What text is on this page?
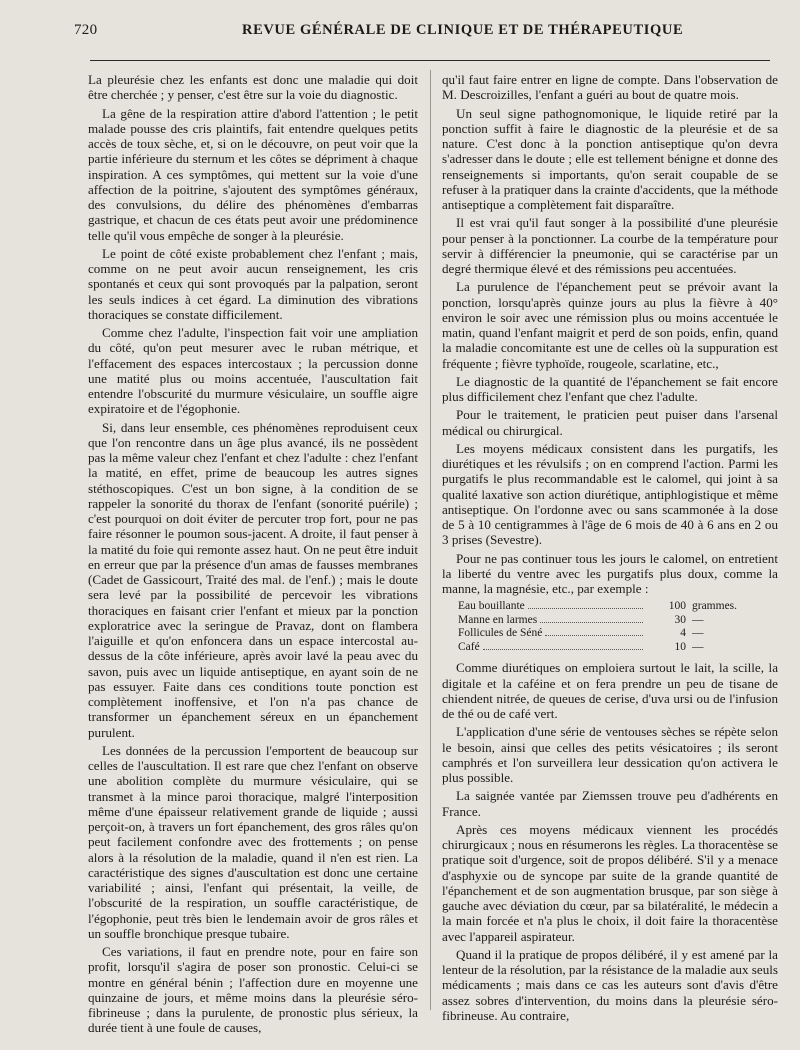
720	REVUE GÉNÉRALE DE CLINIQUE ET DE THÉRAPEUTIQUE

La pleurésie chez les enfants est donc une maladie qui doit être cherchée ; y penser, c'est être sur la voie du diagnostic.

La gêne de la respiration attire d'abord l'attention ; le petit malade pousse des cris plaintifs, fait entendre quelques petits accès de toux sèche, et, si on le découvre, on peut voir que la partie inférieure du sternum et les côtes se dépriment à chaque inspiration. A ces symptômes, qui mettent sur la voie d'une affection de la poitrine, s'ajoutent des symptômes généraux, des convulsions, du délire des phénomènes d'embarras gastrique, et chacun de ces états peut avoir une prédominence telle qu'il vous empêche de songer à la pleurésie.

Le point de côté existe probablement chez l'enfant ; mais, comme on ne peut avoir aucun renseignement, les cris spontanés et ceux qui sont provoqués par la palpation, seront les seuls indices à cet égard. La diminution des vibrations thoraciques se constate difficilement.

Comme chez l'adulte, l'inspection fait voir une ampliation du côté, qu'on peut mesurer avec le ruban métrique, et l'effacement des espaces intercostaux ; la percussion donne une matité plus ou moins accentuée, l'auscultation fait entendre l'obscurité du murmure vésiculaire, un souffle aigre expiratoire et de l'égophonie.

Si, dans leur ensemble, ces phénomènes reproduisent ceux que l'on rencontre dans un âge plus avancé, ils ne possèdent pas la même valeur chez l'enfant et chez l'adulte : chez l'enfant la matité, en effet, prime de beaucoup les autres signes stéthoscopiques. C'est un bon signe, à la condition de se rappeler la sonorité du thorax de l'enfant (sonorité puérile) ; c'est pourquoi on doit éviter de percuter trop fort, pour ne pas faire résonner le poumon sous-jacent. A droite, il faut penser à la matité du foie qui remonte assez haut. On ne peut être induit en erreur que par la présence d'un amas de fausses membranes (Cadet de Gassicourt, Traité des mal. de l'enf.) ; mais le doute sera levé par la possibilité de percevoir les vibrations thoraciques en faisant crier l'enfant et mieux par la ponction exploratrice avec la seringue de Pravaz, dont on flambera l'aiguille et qu'on enfoncera dans un espace intercostal au-dessus de la côte inférieure, après avoir lavé la peau avec du savon, puis avec un liquide antiseptique, en ayant soin de ne pas essuyer. Faite dans ces conditions toute ponction est complètement inoffensive, et l'on n'a pas chance de transformer un épanchement séreux en un épanchement purulent.

Les données de la percussion l'emportent de beaucoup sur celles de l'auscultation. Il est rare que chez l'enfant on observe une abolition complète du murmure vésiculaire, qui se transmet à la mince paroi thoracique, malgré l'interposition même d'une épaisseur relativement grande de liquide ; aussi perçoit-on, à travers un fort épanchement, des gros râles qu'on peut facilement confondre avec des frottements ; on pense alors à la résolution de la maladie, quand il n'en est rien. La caractéristique des signes d'auscultation est donc une certaine variabilité ; ainsi, l'enfant qui présentait, la veille, de l'obscurité de la respiration, un souffle caractéristique, de l'égophonie, peut très bien le lendemain avoir de gros râles et un souffle bronchique presque tubaire.

Ces variations, il faut en prendre note, pour en faire son profit, lorsqu'il s'agira de poser son pronostic. Celui-ci se montre en général bénin ; l'affection dure en moyenne une quinzaine de jours, et même moins dans la pleurésie séro-fibrineuse ; dans la purulente, de pronostic plus sérieux, la durée tient à une foule de causes,

qu'il faut faire entrer en ligne de compte. Dans l'observation de M. Descroizilles, l'enfant a guéri au bout de quatre mois.

Un seul signe pathognomonique, le liquide retiré par la ponction suffit à faire le diagnostic de la pleurésie et de sa nature. C'est donc à la ponction antiseptique qu'on devra s'adresser dans le doute ; elle est tellement bénigne et donne des renseignements si importants, qu'on serait coupable de se refuser à la pratiquer dans la crainte d'accidents, que la méthode antiseptique a complètement fait disparaître.

Il est vrai qu'il faut songer à la possibilité d'une pleurésie pour penser à la ponctionner. La courbe de la température pour servir à différencier la pneumonie, qui se caractérise par un degré thermique élevé et des rémissions peu accentuées.

La purulence de l'épanchement peut se prévoir avant la ponction, lorsqu'après quinze jours au plus la fièvre à 40° environ le soir avec une rémission plus ou moins accentuée le matin, quand l'enfant maigrit et perd de son poids, enfin, quand la maladie concomitante est une de celles où la suppuration est fréquente ; fièvre typhoïde, rougeole, scarlatine, etc.,

Le diagnostic de la quantité de l'épanchement se fait encore plus difficilement chez l'enfant que chez l'adulte.

Pour le traitement, le praticien peut puiser dans l'arsenal médical ou chirurgical.

Les moyens médicaux consistent dans les purgatifs, les diurétiques et les révulsifs ; on en comprend l'action. Parmi les purgatifs le plus recommandable est le calomel, qui joint à sa qualité laxative son action diurétique, antiphlogistique et même antiseptique. On l'ordonne avec ou sans scammonée à la dose de 5 à 10 centigrammes à l'âge de 6 mois de 40 à 6 ans en 2 ou 3 prises (Sevestre).

Pour ne pas continuer tous les jours le calomel, on entretient la liberté du ventre avec les purgatifs plus doux, comme la manne, la magnésie, etc., par exemple :

Eau bouillante	100 grammes.
Manne en larmes	30 —
Follicules de Séné	4 —
Café	10 —

Comme diurétiques on emploiera surtout le lait, la scille, la digitale et la caféine et on fera prendre un peu de tisane de chiendent nitrée, de queues de cerise, d'uva ursi ou de l'infusion de thé ou de café vert.

L'application d'une série de ventouses sèches se répète selon le besoin, ainsi que celles des petits vésicatoires ; ils seront camphrés et l'on surveillera leur dessication qu'on activera le plus possible.

La saignée vantée par Ziemssen trouve peu d'adhérents en France.

Après ces moyens médicaux viennent les procédés chirurgicaux ; nous en résumerons les règles. La thoracentèse se pratique soit d'urgence, soit de propos délibéré. S'il y a menace d'asphyxie ou de syncope par suite de la grande quantité de l'épanchement et de son augmentation brusque, par son siège à gauche avec déviation du cœur, par sa bilatéralité, le médecin a la main forcée et n'a plus le choix, il doit faire la thoracentèse avec l'appareil aspirateur.

Quand il la pratique de propos délibéré, il y est amené par la lenteur de la résolution, par la résistance de la maladie aux seuls médicaments ; mais dans ce cas les auteurs sont d'avis d'être assez sobres d'intervention, du moins dans la pleurésie séro-fibrineuse. Au contraire,
